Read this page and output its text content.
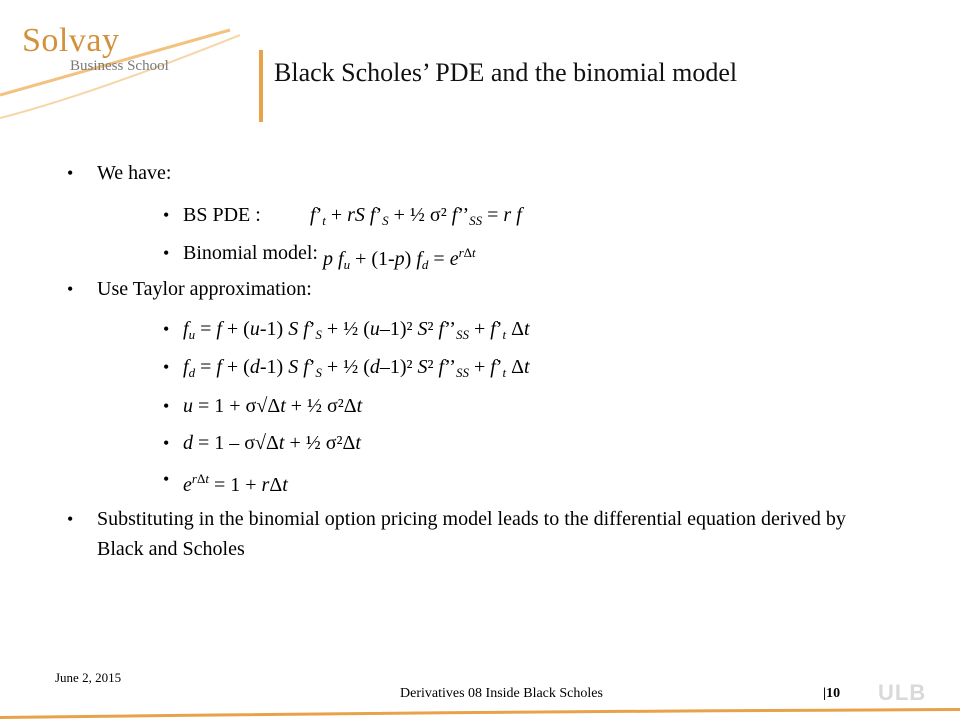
Solvay
Business School	Black Scholes’ PDE and the binomial model
• We have:
• BS PDE : $f’_t$ + rS $f’_S$ + ½ σ² $f’’_{SS} = r$ f
• Binomial model: p $f_u + (1-p) f_d = e^{r\Delta t}$
• Use Taylor approximation:
• $f_u = f + (u-1)$ S $f’_S$ + ½ (u–1)² S² $f’’_{SS}$ + $f’_t$ Δt
• $f_d = f + (d-1)$ S $f’_S$ + ½ (d–1)² S² $f’’_{SS}$ + $f’_t$ Δt
• u = 1 + σ√Δt + ½ σ²Δt
• d = 1 – σ√Δt + ½ σ²Δt
• $e^{r\Delta t} = 1 + r\Delta t$
• Substituting in the binomial option pricing model leads to the differential equation derived by Black and Scholes
June 2, 2015
Derivatives 08 Inside Black Scholes	|10 ULB
